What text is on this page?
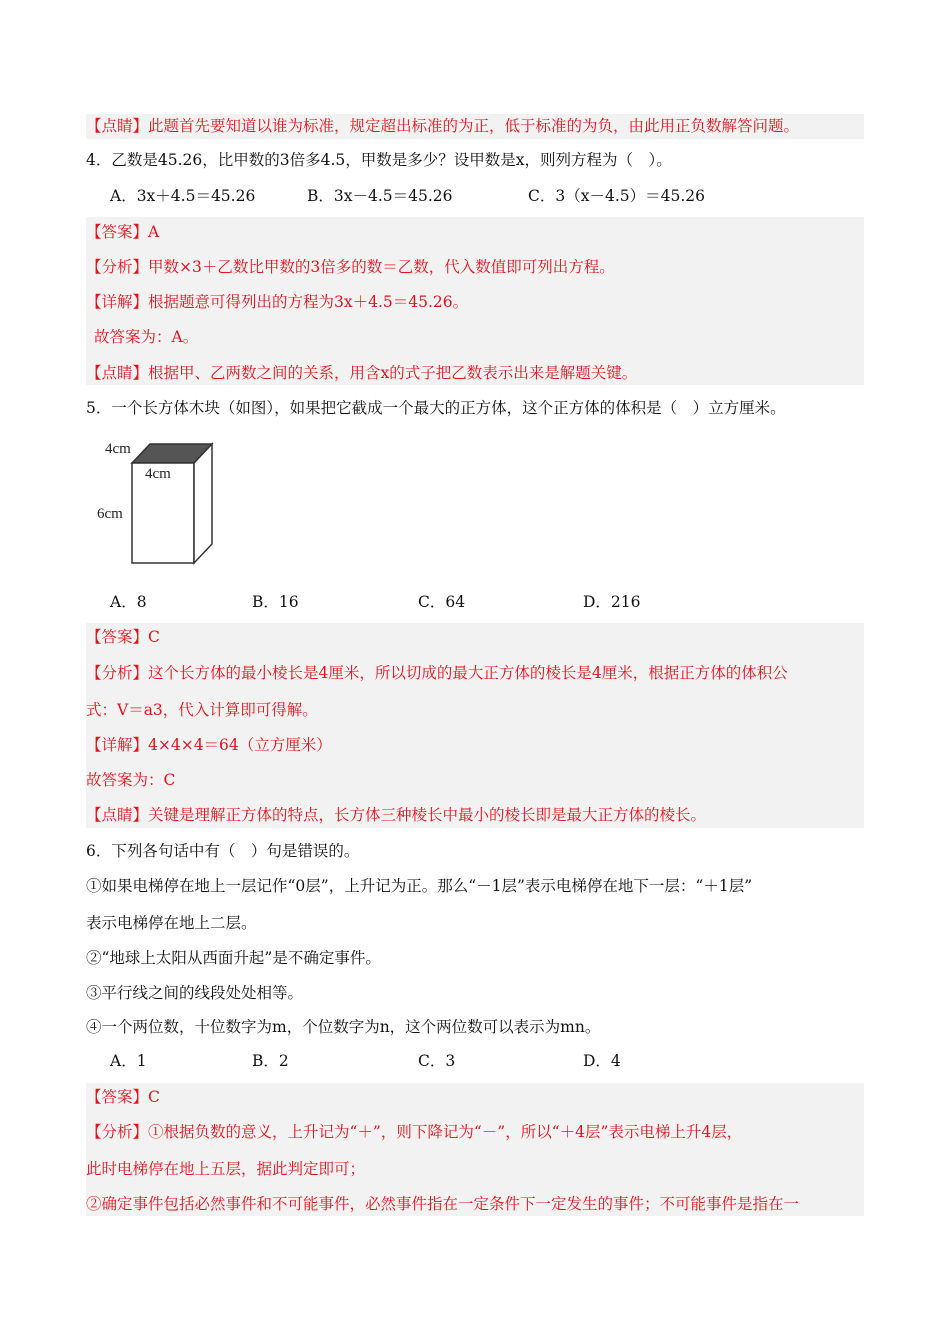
【点睛】此题首先要知道以谁为标准，规定超出标准的为正，低于标准的为负，由此用正负数解答问题。
4．乙数是45.26，比甲数的3倍多4.5，甲数是多少？设甲数是x，则列方程为（　）。
A．3x＋4.5＝45.26	B．3x－4.5＝45.26	C．3（x－4.5）＝45.26
【答案】A
【分析】甲数×3＋乙数比甲数的3倍多的数＝乙数，代入数值即可列出方程。
【详解】根据题意可得列出的方程为3x＋4.5＝45.26。
故答案为：A。
【点睛】根据甲、乙两数之间的关系，用含x的式子把乙数表示出来是解题关键。
5．一个长方体木块（如图），如果把它截成一个最大的正方体，这个正方体的体积是（　）立方厘米。
4cm
4cm
6cm
A．8	B．16	C．64	D．216
【答案】C
【分析】这个长方体的最小棱长是4厘米，所以切成的最大正方体的棱长是4厘米，根据正方体的体积公
式：V＝a3，代入计算即可得解。
【详解】4×4×4＝64（立方厘米）
故答案为：C
【点睛】关键是理解正方体的特点，长方体三种棱长中最小的棱长即是最大正方体的棱长。
6．下列各句话中有（　）句是错误的。
①如果电梯停在地上一层记作“0层”，上升记为正。那么“－1层”表示电梯停在地下一层：“＋1层”
表示电梯停在地上二层。
②“地球上太阳从西面升起”是不确定事件。
③平行线之间的线段处处相等。
④一个两位数，十位数字为m，个位数字为n，这个两位数可以表示为mn。
A．1	B．2	C．3	D．4
【答案】C
【分析】①根据负数的意义，上升记为“＋”，则下降记为“－”，所以“＋4层”表示电梯上升4层，
此时电梯停在地上五层，据此判定即可；
②确定事件包括必然事件和不可能事件，必然事件指在一定条件下一定发生的事件；不可能事件是指在一
